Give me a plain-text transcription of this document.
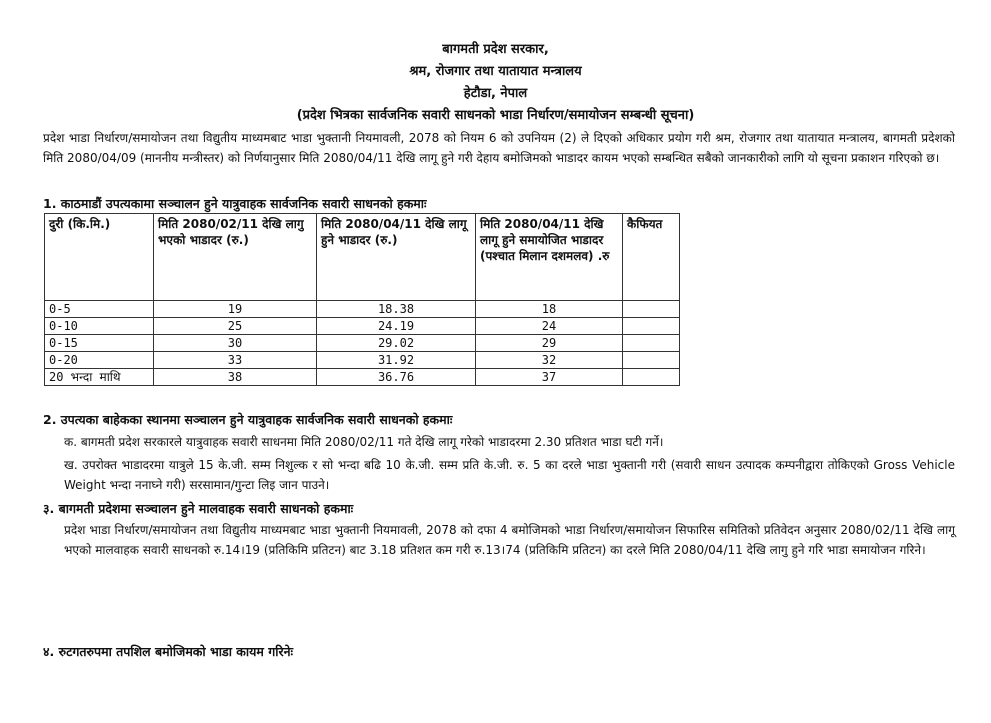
बागमती प्रदेश सरकार,
श्रम, रोजगार तथा यातायात मन्त्रालय
हेटौडा, नेपाल
(प्रदेश भित्रका सार्वजनिक सवारी साधनको भाडा निर्धारण/समायोजन सम्बन्धी सूचना)
प्रदेश भाडा निर्धारण/समायोजन तथा विद्युतीय माध्यमबाट भाडा भुक्तानी नियमावली, 2078 को नियम 6 को उपनियम (2) ले दिएको अधिकार प्रयोग गरी श्रम, रोजगार तथा यातायात मन्त्रालय, बागमती प्रदेशको मिति 2080/04/09 (माननीय मन्त्रीस्तर) को निर्णयानुसार मिति 2080/04/11 देखि लागू हुने गरी देहाय बमोजिमको भाडादर कायम भएको सम्बन्धित सबैको जानकारीको लागि यो सूचना प्रकाशन गरिएको छ।
1. काठमाडौं उपत्यकामा सञ्चालन हुने यात्रुवाहक सार्वजनिक सवारी साधनको हकमाः
दुरी (कि.मि.)	मिति 2080/02/11 देखि लागु भएको भाडादर (रु.)	मिति 2080/04/11 देखि लागू हुने भाडादर (रु.)	मिति 2080/04/11 देखि लागू हुने समायोजित भाडादर (पश्चात मिलान दशमलव) .रु	कैफियत
0-5	19	18.38	18	
0-10	25	24.19	24	
0-15	30	29.02	29	
0-20	33	31.92	32	
20 भन्दा माथि	38	36.76	37	
2. उपत्यका बाहेकका स्थानमा सञ्चालन हुने यात्रुवाहक सार्वजनिक सवारी साधनको हकमाः
क. बागमती प्रदेश सरकारले यात्रुवाहक सवारी साधनमा मिति 2080/02/11 गते देखि लागू गरेको भाडादरमा 2.30 प्रतिशत भाडा घटी गर्ने।
ख. उपरोक्त भाडादरमा यात्रुले 15 के.जी. सम्म निशुल्क र सो भन्दा बढि 10 के.जी. सम्म प्रति के.जी. रु. 5 का दरले भाडा भुक्तानी गरी (सवारी साधन उत्पादक कम्पनीद्वारा तोकिएको Gross Vehicle Weight भन्दा ननाघ्ने गरी) सरसामान/गुन्टा लिइ जान पाउने।
३. बागमती प्रदेशमा सञ्चालन हुने मालवाहक सवारी साधनको हकमाः
प्रदेश भाडा निर्धारण/समायोजन तथा विद्युतीय माध्यमबाट भाडा भुक्तानी नियमावली, 2078 को दफा 4 बमोजिमको भाडा निर्धारण/समायोजन सिफारिस समितिको प्रतिवेदन अनुसार 2080/02/11 देखि लागू भएको मालवाहक सवारी साधनको रु.14।19 (प्रतिकिमि प्रतिटन) बाट 3.18 प्रतिशत कम गरी रु.13।74 (प्रतिकिमि प्रतिटन) का दरले मिति 2080/04/11 देखि लागु हुने गरि भाडा समायोजन गरिने।
४. रुटगतरुपमा तपशिल बमोजिमको भाडा कायम गरिनेः
